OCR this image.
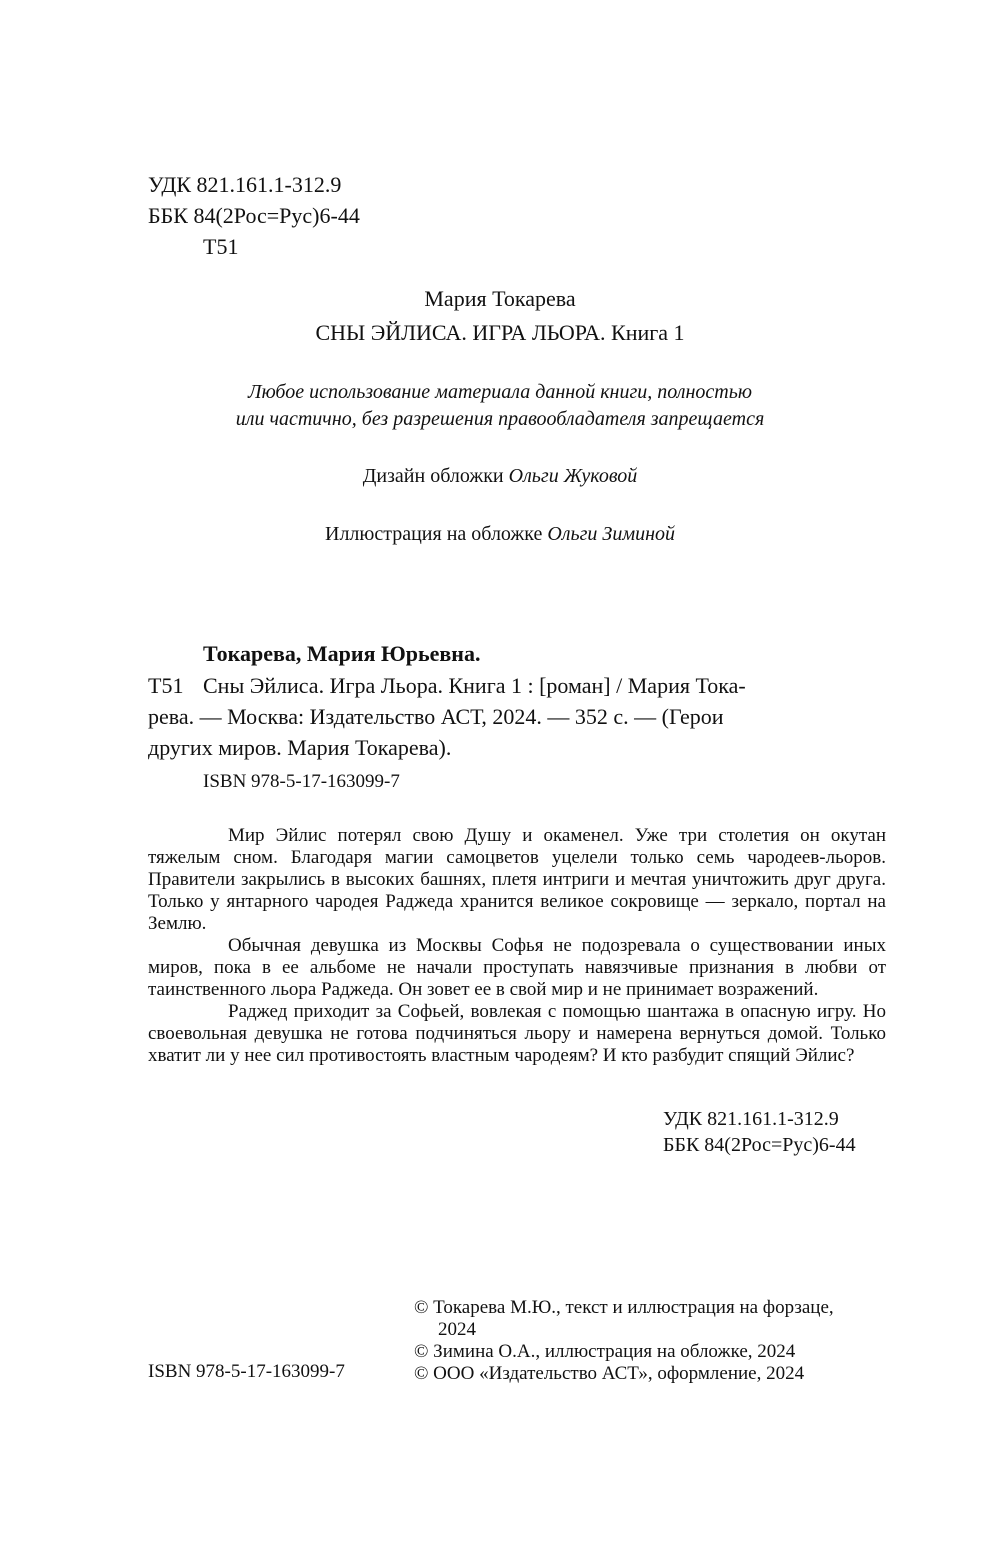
УДК 821.161.1-312.9
ББК 84(2Рос=Рус)6-44
Т51
Мария Токарева
СНЫ ЭЙЛИСА. ИГРА ЛЬОРА. Книга 1
Любое использование материала данной книги, полностью
или частично, без разрешения правообладателя запрещается
Дизайн обложки Ольги Жуковой
Иллюстрация на обложке Ольги Зиминой
Токарева, Мария Юрьевна.
Т51 Сны Эйлиса. Игра Льора. Книга 1 : [роман] / Мария Тока-
рева. — Москва: Издательство АСТ, 2024. — 352 с. — (Герои
других миров. Мария Токарева).
ISBN 978-5-17-163099-7

Мир Эйлис потерял свою Душу и окаменел. Уже три столетия он окутан тяжелым сном. Благодаря магии самоцветов уцелели только семь чародеев-льоров. Правители закрылись в высоких башнях, плетя интриги и мечтая уничтожить друг друга. Только у янтарного чародея Раджеда хранится великое сокровище — зеркало, портал на Землю.

Обычная девушка из Москвы Софья не подозревала о существовании иных миров, пока в ее альбоме не начали проступать навязчивые признания в любви от таинственного льора Раджеда. Он зовет ее в свой мир и не принимает возражений.

Раджед приходит за Софьей, вовлекая с помощью шантажа в опасную игру. Но своевольная девушка не готова подчиняться льору и намерена вернуться домой. Только хватит ли у нее сил противостоять властным чародеям? И кто разбудит спящий Эйлис?

УДК 821.161.1-312.9
ББК 84(2Рос=Рус)6-44
ISBN 978-5-17-163099-7
© Токарева М.Ю., текст и иллюстрация на форзаце,
2024
© Зимина О.А., иллюстрация на обложке, 2024
© ООО «Издательство АСТ», оформление, 2024
